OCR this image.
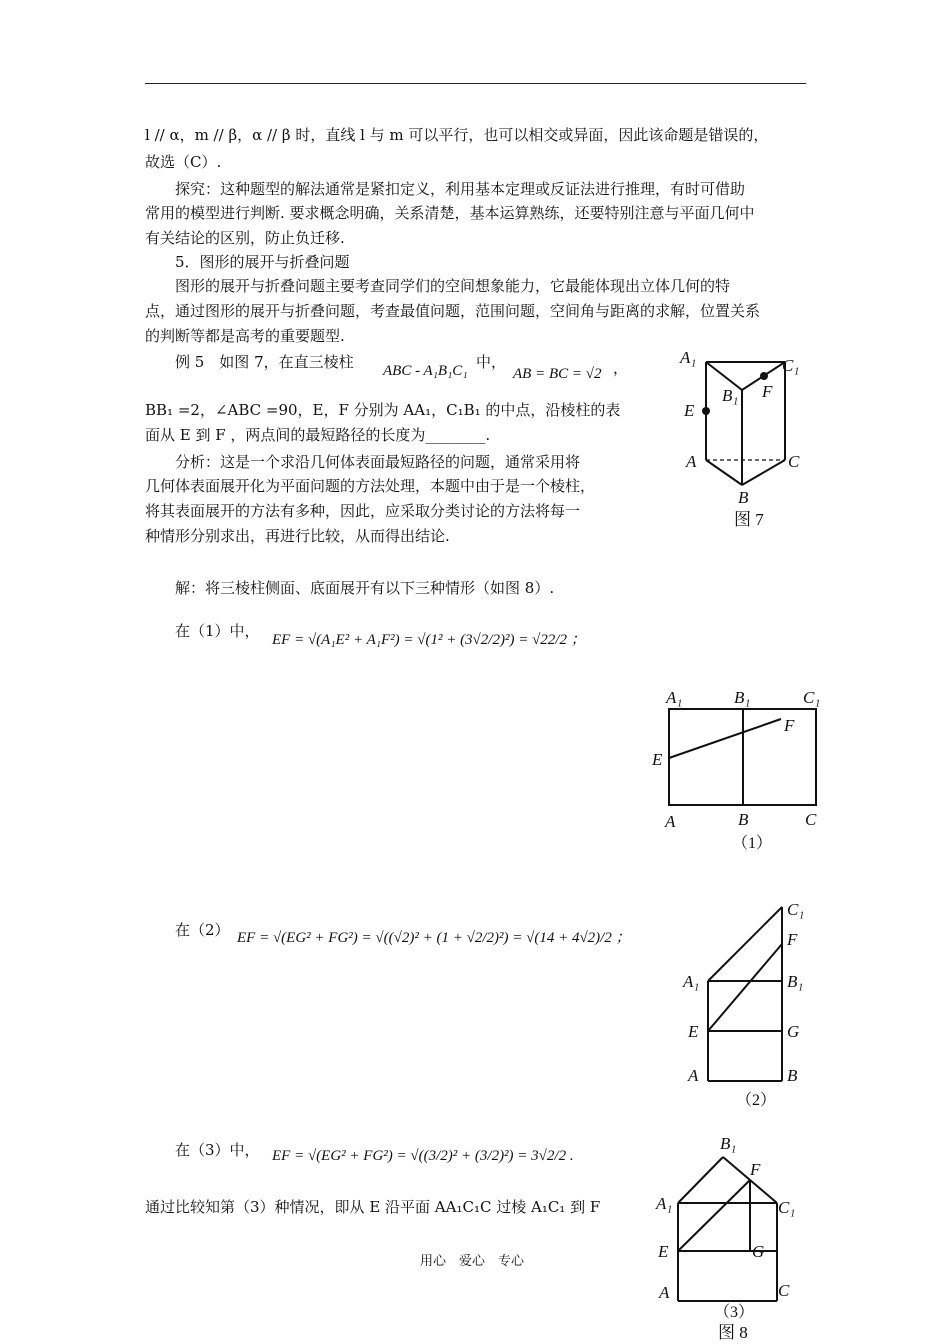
l // α，m // β，α // β 时，直线 l 与 m 可以平行，也可以相交或异面，因此该命题是错误的，
故选（C）.
探究：这种题型的解法通常是紧扣定义，利用基本定理或反证法进行推理，有时可借助
常用的模型进行判断. 要求概念明确，关系清楚，基本运算熟练，还要特别注意与平面几何中
有关结论的区别，防止负迁移.
5．图形的展开与折叠问题
图形的展开与折叠问题主要考查同学们的空间想象能力，它最能体现出立体几何的特
点，通过图形的展开与折叠问题，考查最值问题，范围问题，空间角与距离的求解，位置关系
的判断等都是高考的重要题型.
例 5　如图 7，在直三棱柱 ABC - A₁B₁C₁ 中，
AB = BC = √2 ，
BB₁ =2，∠ABC =90，E，F 分别为 AA₁，C₁B₁ 的中点，沿棱柱的表
面从 E 到 F ，两点间的最短路径的长度为________.
分析：这是一个求沿几何体表面最短路径的问题，通常采用将
几何体表面展开化为平面问题的方法处理，本题中由于是一个棱柱，
将其表面展开的方法有多种，因此，应采取分类讨论的方法将每一
种情形分别求出，再进行比较，从而得出结论.
解：将三棱柱侧面、底面展开有以下三种情形（如图 8）.
在（1）中， EF = √(A₁E² + A₁F²) = √(1² + (3√2/2)²) = √22/2 ；
在（2） EF = √(EG² + FG²) = √((√2)² + (1 + √2/2)²) = √(14 + 4√2)/2 ；
在（3）中， EF = √(EG² + FG²) = √((3/2)² + (3/2)²) = 3√2/2 .
通过比较知第（3）种情况，即从 E 沿平面 AA₁C₁C 过棱 A₁C₁ 到 F
A₁	C₁
B₁ F
E
A	C
B
图 7
A₁	B₁	C₁
F
E
A	B	C
（1）
C₁
F
A₁	B₁
E	G
A	B
（2）
B₁
F
A₁	C₁
E	G
A	C
（3）
图 8
用心　爱心　专心
